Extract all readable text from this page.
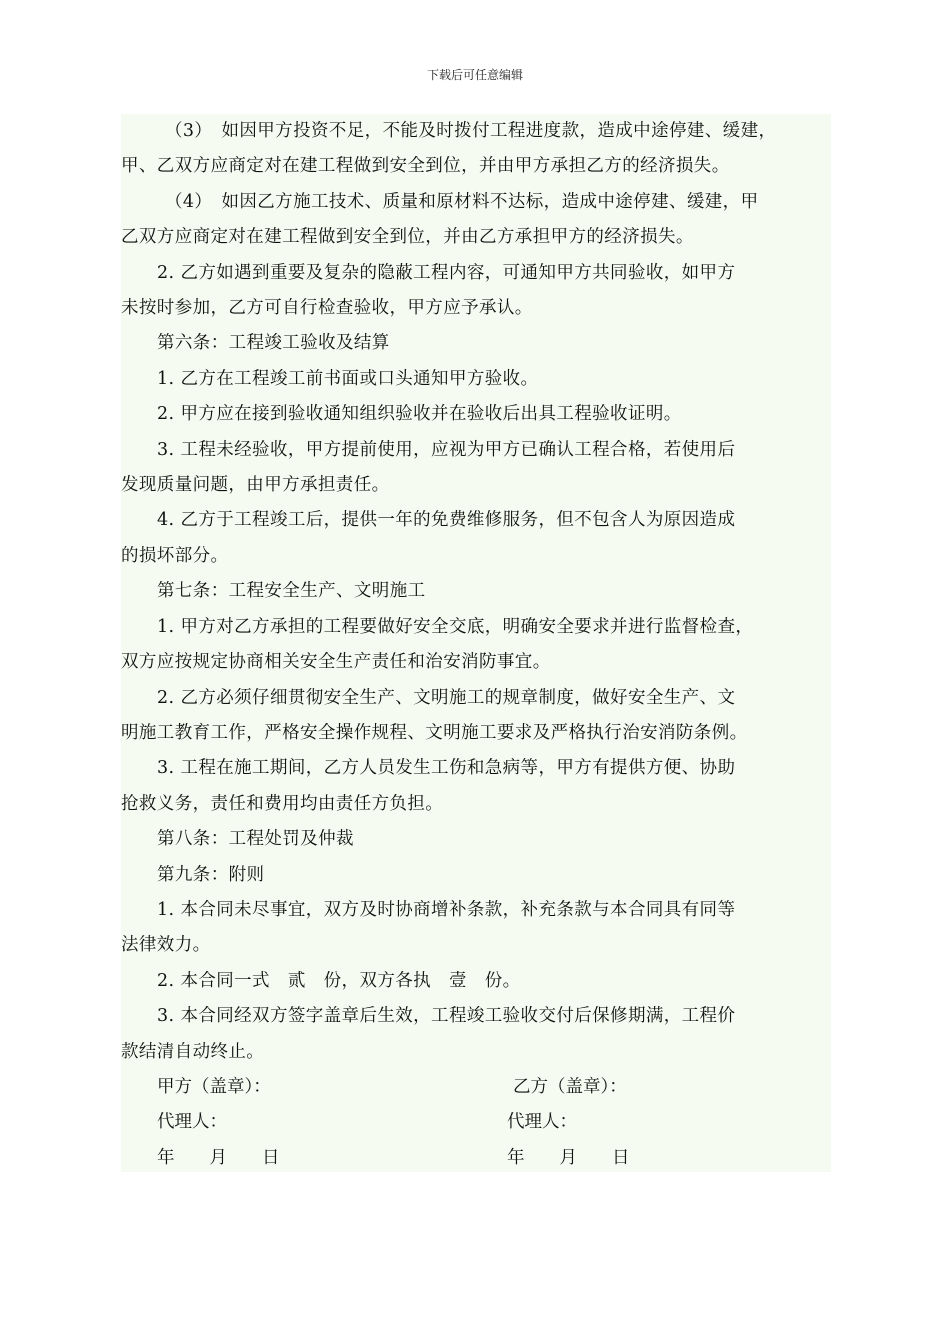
下载后可任意编辑

（3）　如因甲方投资不足，不能及时拨付工程进度款，造成中途停建、缓建，

甲、乙双方应商定对在建工程做到安全到位，并由甲方承担乙方的经济损失。

（4）　如因乙方施工技术、质量和原材料不达标，造成中途停建、缓建，甲

乙双方应商定对在建工程做到安全到位，并由乙方承担甲方的经济损失。

2. 乙方如遇到重要及复杂的隐蔽工程内容，可通知甲方共同验收，如甲方

未按时参加，乙方可自行检查验收，甲方应予承认。

第六条：工程竣工验收及结算

1. 乙方在工程竣工前书面或口头通知甲方验收。

2. 甲方应在接到验收通知组织验收并在验收后出具工程验收证明。

3. 工程未经验收，甲方提前使用，应视为甲方已确认工程合格，若使用后

发现质量问题，由甲方承担责任。

4. 乙方于工程竣工后，提供一年的免费维修服务，但不包含人为原因造成

的损坏部分。

第七条：工程安全生产、文明施工

1. 甲方对乙方承担的工程要做好安全交底，明确安全要求并进行监督检查，

双方应按规定协商相关安全生产责任和治安消防事宜。

2. 乙方必须仔细贯彻安全生产、文明施工的规章制度，做好安全生产、文

明施工教育工作，严格安全操作规程、文明施工要求及严格执行治安消防条例。

3. 工程在施工期间，乙方人员发生工伤和急病等，甲方有提供方便、协助

抢救义务，责任和费用均由责任方负担。

第八条：工程处罚及仲裁

第九条：附则

1. 本合同未尽事宜，双方及时协商增补条款，补充条款与本合同具有同等

法律效力。

2. 本合同一式　贰　份，双方各执　壹　份。

3. 本合同经双方签字盖章后生效，工程竣工验收交付后保修期满，工程价

款结清自动终止。

甲方（盖章）：	乙方（盖章）：
代理人：	代理人：
年　　月　　日	年　　月　　日
